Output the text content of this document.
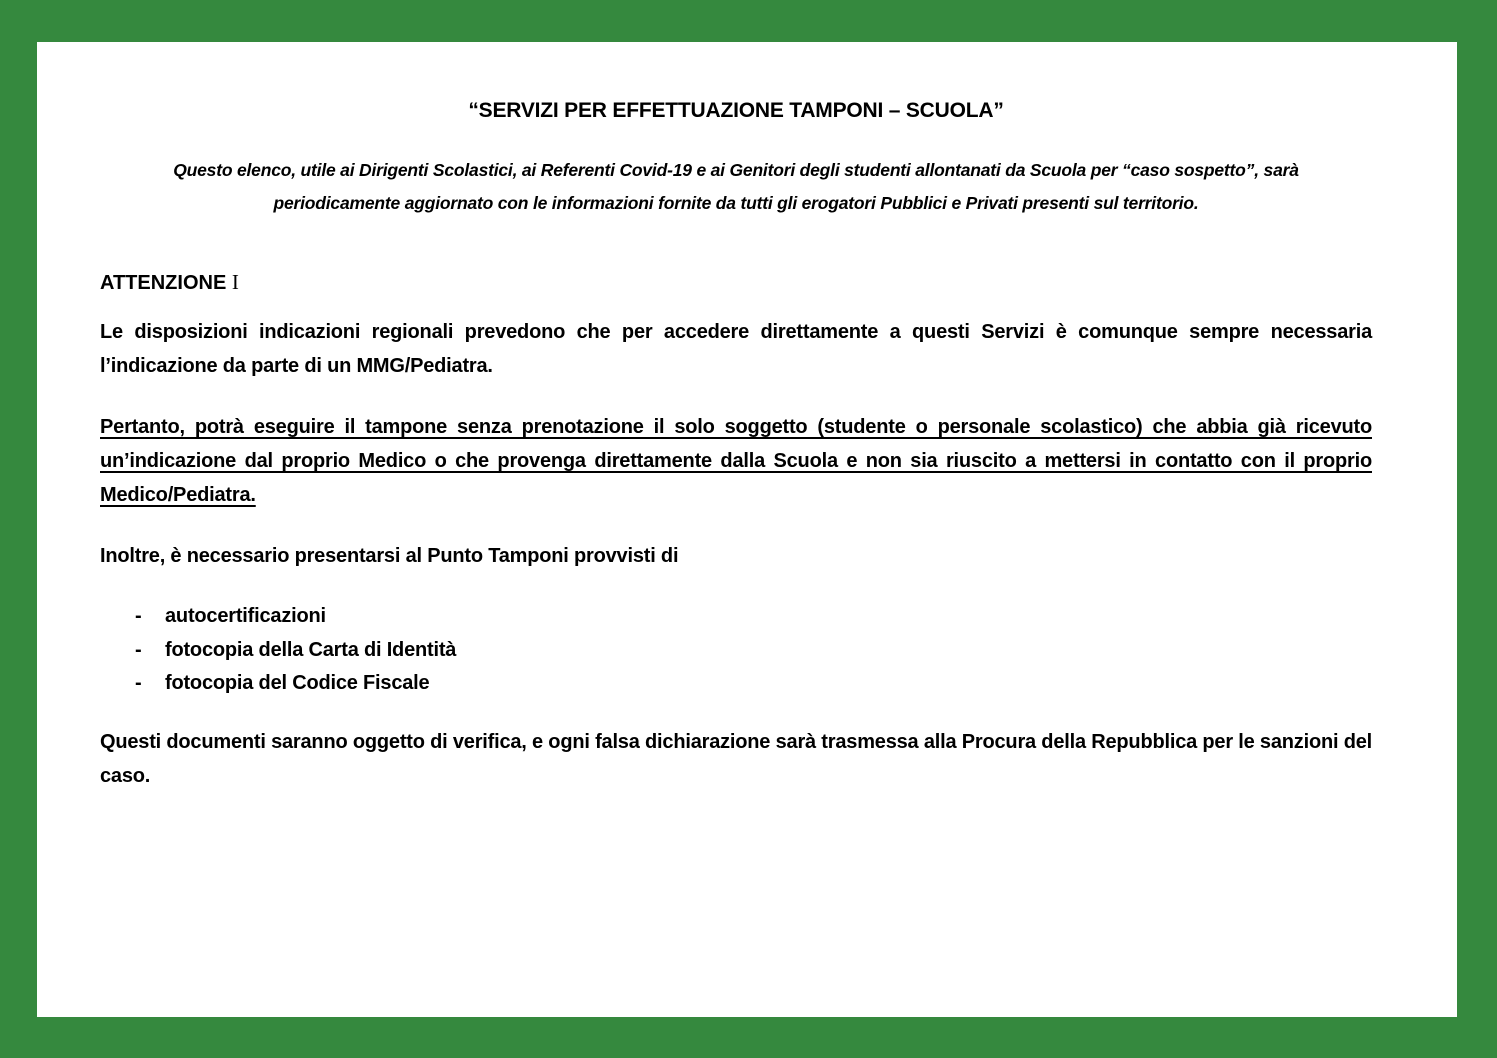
“SERVIZI PER EFFETTUAZIONE TAMPONI – SCUOLA”

Questo elenco, utile ai Dirigenti Scolastici, ai Referenti Covid-19 e ai Genitori degli studenti allontanati da Scuola per “caso sospetto”, sarà periodicamente aggiornato con le informazioni fornite da tutti gli erogatori Pubblici e Privati presenti sul territorio.

ATTENZIONE I

Le disposizioni indicazioni regionali prevedono che per accedere direttamente a questi Servizi è comunque sempre necessaria l’indicazione da parte di un MMG/Pediatra.

Pertanto, potrà eseguire il tampone senza prenotazione il solo soggetto (studente o personale scolastico) che abbia già ricevuto un’indicazione dal proprio Medico o che provenga direttamente dalla Scuola e non sia riuscito a mettersi in contatto con il proprio Medico/Pediatra.

Inoltre, è necessario presentarsi al Punto Tamponi provvisti di

-	autocertificazioni
-	fotocopia della Carta di Identità
-	fotocopia del Codice Fiscale

Questi documenti saranno oggetto di verifica, e ogni falsa dichiarazione sarà trasmessa alla Procura della Repubblica per le sanzioni del caso.
